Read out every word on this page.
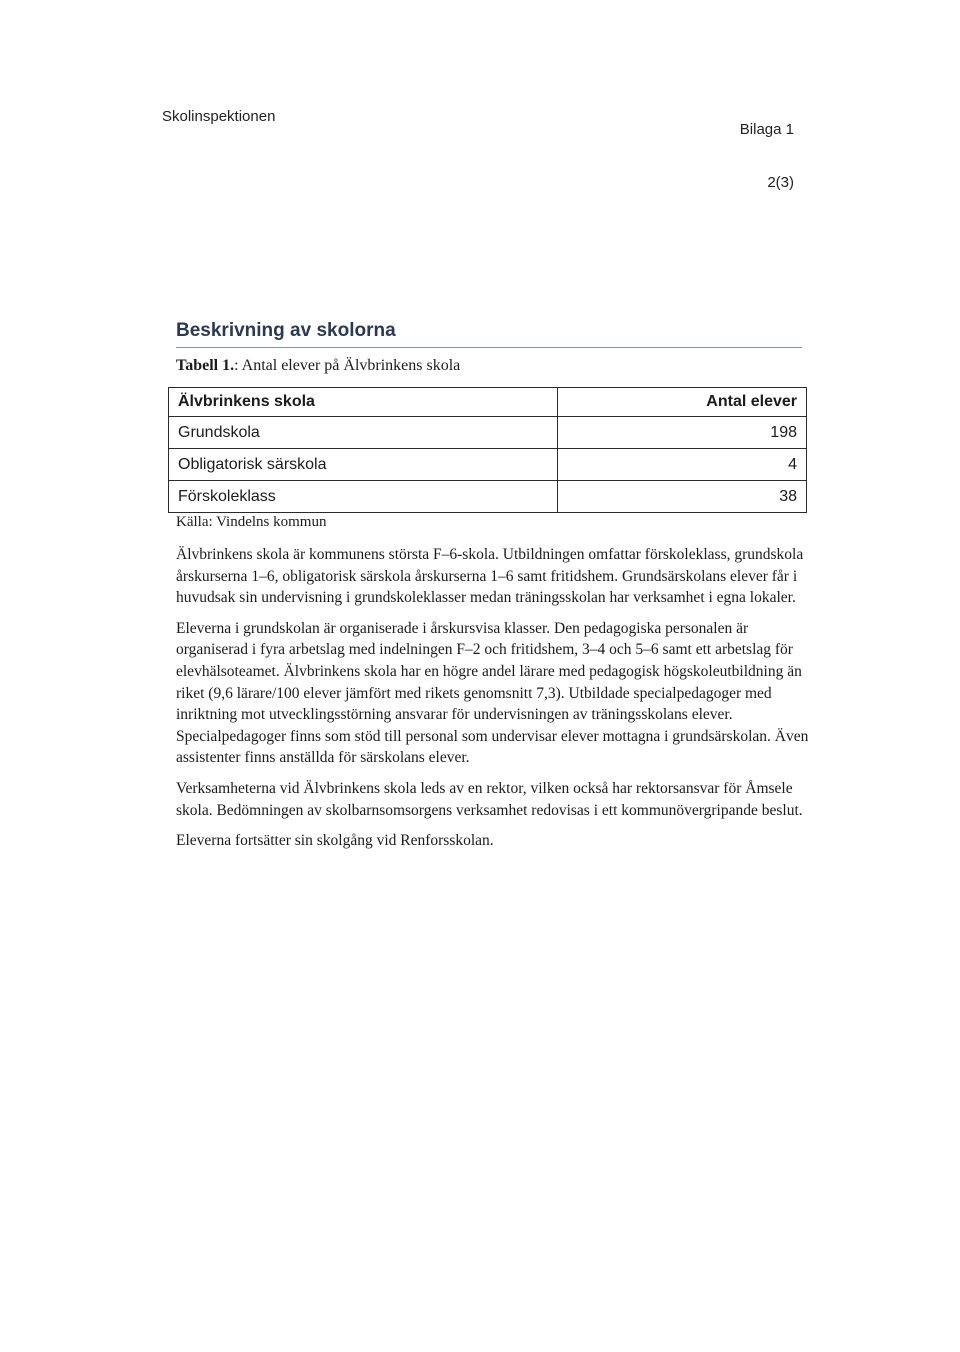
Skolinspektionen
Bilaga 1
2(3)
Beskrivning av skolorna
Tabell 1.: Antal elever på Älvbrinkens skola
Älvbrinkens skola	Antal elever
Grundskola	198
Obligatorisk särskola	4
Förskoleklass	38
Källa: Vindelns kommun

Älvbrinkens skola är kommunens största F–6-skola. Utbildningen omfattar förskoleklass, grundskola årskurserna 1–6, obligatorisk särskola årskurserna 1–6 samt fritidshem. Grundsärskolans elever får i huvudsak sin undervisning i grundskoleklasser medan träningsskolan har verksamhet i egna lokaler.

Eleverna i grundskolan är organiserade i årskursvisa klasser. Den pedagogiska personalen är organiserad i fyra arbetslag med indelningen F–2 och fritidshem, 3–4 och 5–6 samt ett arbetslag för elevhälsoteamet. Älvbrinkens skola har en högre andel lärare med pedagogisk högskoleutbildning än riket (9,6 lärare/100 elever jämfört med rikets genomsnitt 7,3). Utbildade specialpedagoger med inriktning mot utvecklingsstörning ansvarar för undervisningen av träningsskolans elever. Specialpedagoger finns som stöd till personal som undervisar elever mottagna i grundsärskolan. Även assistenter finns anställda för särskolans elever.

Verksamheterna vid Älvbrinkens skola leds av en rektor, vilken också har rektorsansvar för Åmsele skola. Bedömningen av skolbarnsomsorgens verksamhet redovisas i ett kommunövergripande beslut.

Eleverna fortsätter sin skolgång vid Renforsskolan.
